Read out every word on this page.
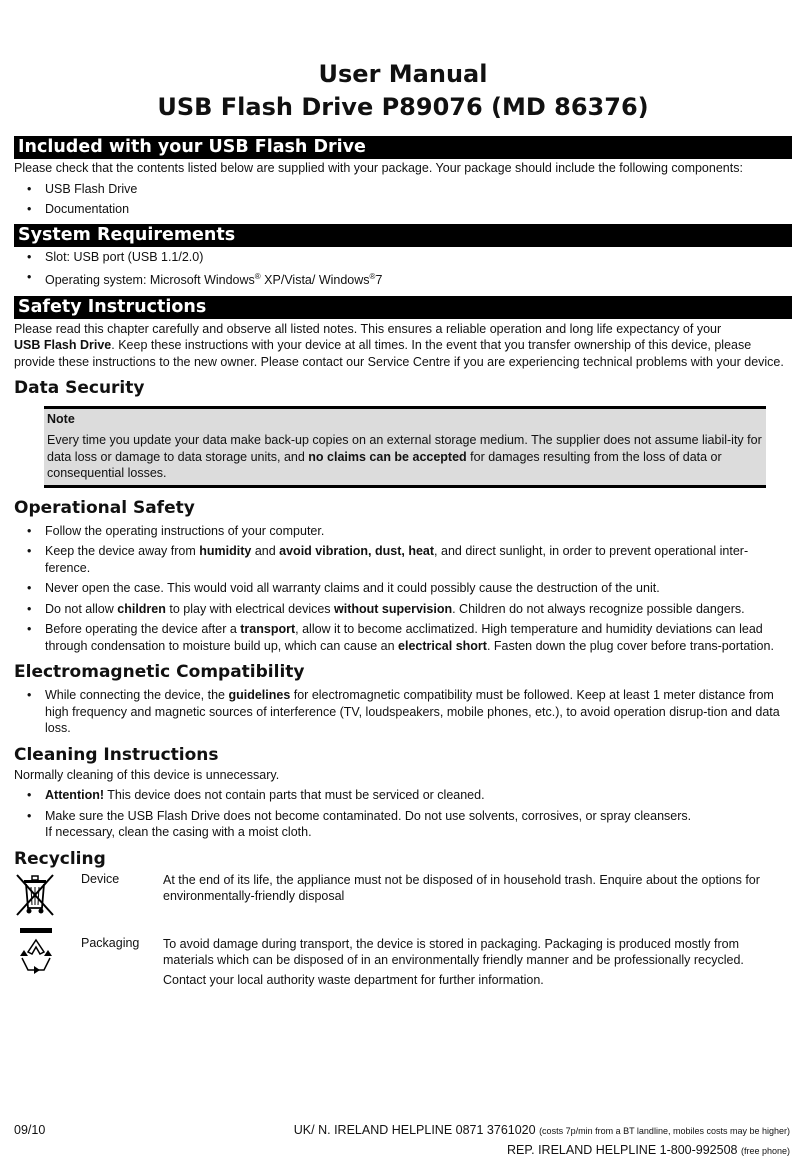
User Manual
USB Flash Drive P89076 (MD 86376)
Included with your USB Flash Drive

Please check that the contents listed below are supplied with your package. Your package should include the following components:

• USB Flash Drive
• Documentation
System Requirements
• Slot: USB port (USB 1.1/2.0)
• Operating system: Microsoft Windows® XP/Vista/ Windows®7
Safety Instructions

Please read this chapter carefully and observe all listed notes. This ensures a reliable operation and long life expectancy of your
USB Flash Drive. Keep these instructions with your device at all times. In the event that you transfer ownership of this device, please provide these instructions to the new owner. Please contact our Service Centre if you are experiencing technical problems with your device.

Data Security
Note

Every time you update your data make back-up copies on an external storage medium. The supplier does not assume liabil-ity for data loss or damage to data storage units, and no claims can be accepted for damages resulting from the loss of data or consequential losses.

Operational Safety
• Follow the operating instructions of your computer.
• Keep the device away from humidity and avoid vibration, dust, heat, and direct sunlight, in order to prevent operational inter-ference.
• Never open the case. This would void all warranty claims and it could possibly cause the destruction of the unit.
• Do not allow children to play with electrical devices without supervision. Children do not always recognize possible dangers.
• Before operating the device after a transport, allow it to become acclimatized. High temperature and humidity deviations can lead through condensation to moisture build up, which can cause an electrical short. Fasten down the plug cover before trans-portation.
Electromagnetic Compatibility
• While connecting the device, the guidelines for electromagnetic compatibility must be followed. Keep at least 1 meter distance from high frequency and magnetic sources of interference (TV, loudspeakers, mobile phones, etc.), to avoid operation disrup-tion and data loss.
Cleaning Instructions

Normally cleaning of this device is unnecessary.

• Attention! This device does not contain parts that must be serviced or cleaned.
• Make sure the USB Flash Drive does not become contaminated. Do not use solvents, corrosives, or spray cleansers.
If necessary, clean the casing with a moist cloth.
Recycling
Device	At the end of its life, the appliance must not be disposed of in household trash. Enquire about the options for environmentally-friendly disposal

Packaging To avoid damage during transport, the device is stored in packaging. Packaging is produced mostly from materials which can be disposed of in an environmentally friendly manner and be professionally recycled.

Contact your local authority waste department for further information.

09/10	UK/ N. IRELAND HELPLINE 0871 3761020 (costs 7p/min from a BT landline, mobiles costs may be higher)
REP. IRELAND HELPLINE 1-800-992508 (free phone)
